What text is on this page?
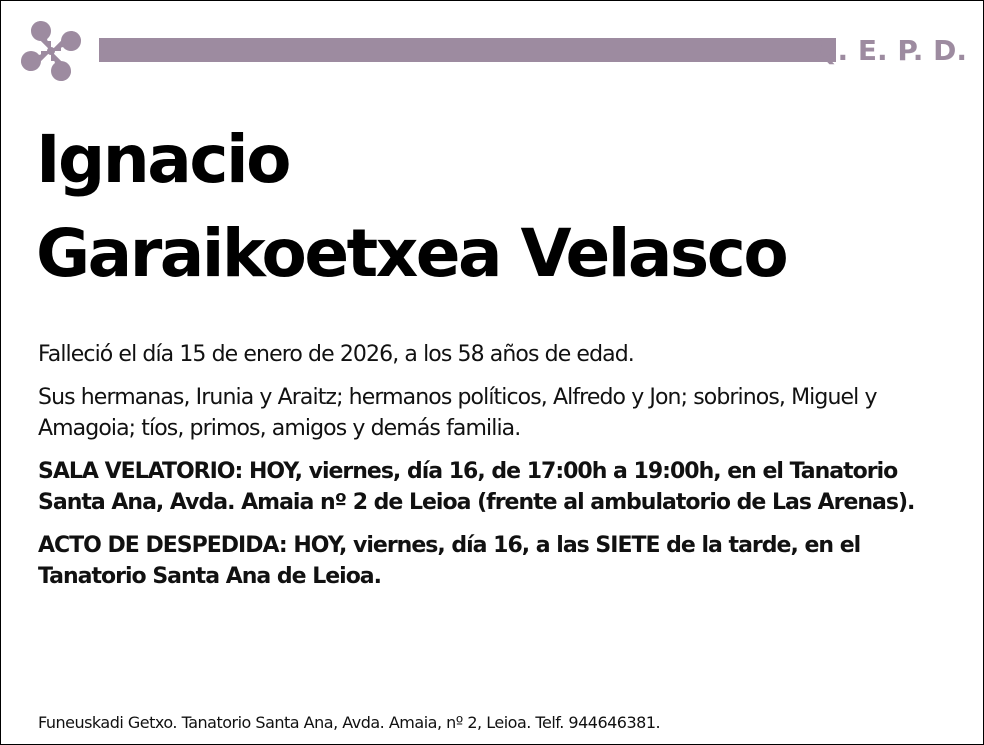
Q. E. P. D.
Ignacio
Garaikoetxea Velasco

Falleció el día 15 de enero de 2026, a los 58 años de edad.

Sus hermanas, Irunia y Araitz; hermanos políticos, Alfredo y Jon; sobrinos, Miguel y Amagoia; tíos, primos, amigos y demás familia.

SALA VELATORIO: HOY, viernes, día 16, de 17:00h a 19:00h, en el Tanatorio Santa Ana, Avda. Amaia nº 2 de Leioa (frente al ambulatorio de Las Arenas).

ACTO DE DESPEDIDA: HOY, viernes, día 16, a las SIETE de la tarde, en el Tanatorio Santa Ana de Leioa.

Funeuskadi Getxo. Tanatorio Santa Ana, Avda. Amaia, nº 2, Leioa. Telf. 944646381.
